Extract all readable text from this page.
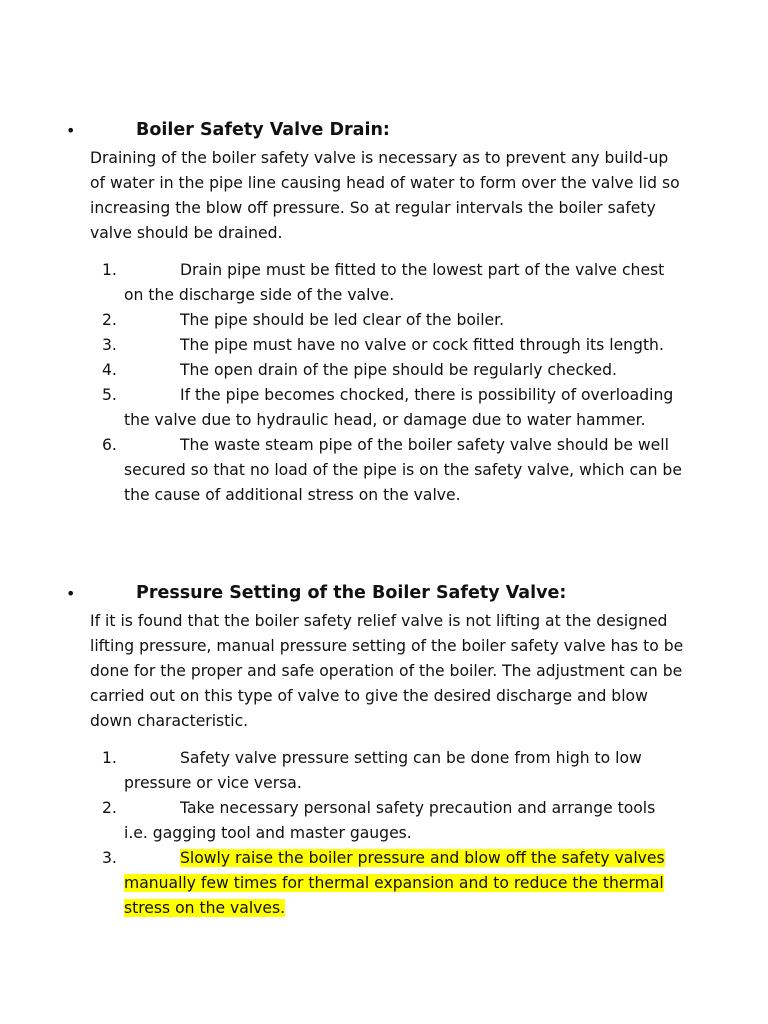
•	Boiler Safety Valve Drain:

Draining of the boiler safety valve is necessary as to prevent any build-up of water in the pipe line causing head of water to form over the valve lid so increasing the blow off pressure. So at regular intervals the boiler safety valve should be drained.

1.	Drain pipe must be fitted to the lowest part of the valve chest on the discharge side of the valve.
2.	The pipe should be led clear of the boiler.
3.	The pipe must have no valve or cock fitted through its length.
4.	The open drain of the pipe should be regularly checked.
5.	If the pipe becomes chocked, there is possibility of overloading the valve due to hydraulic head, or damage due to water hammer.
6.	The waste steam pipe of the boiler safety valve should be well secured so that no load of the pipe is on the safety valve, which can be the cause of additional stress on the valve.
•	Pressure Setting of the Boiler Safety Valve:

If it is found that the boiler safety relief valve is not lifting at the designed lifting pressure, manual pressure setting of the boiler safety valve has to be done for the proper and safe operation of the boiler. The adjustment can be carried out on this type of valve to give the desired discharge and blow down characteristic.

1.	Safety valve pressure setting can be done from high to low pressure or vice versa.
2.	Take necessary personal safety precaution and arrange tools i.e. gagging tool and master gauges.
3.	Slowly raise the boiler pressure and blow off the safety valves manually few times for thermal expansion and to reduce the thermal stress on the valves.
